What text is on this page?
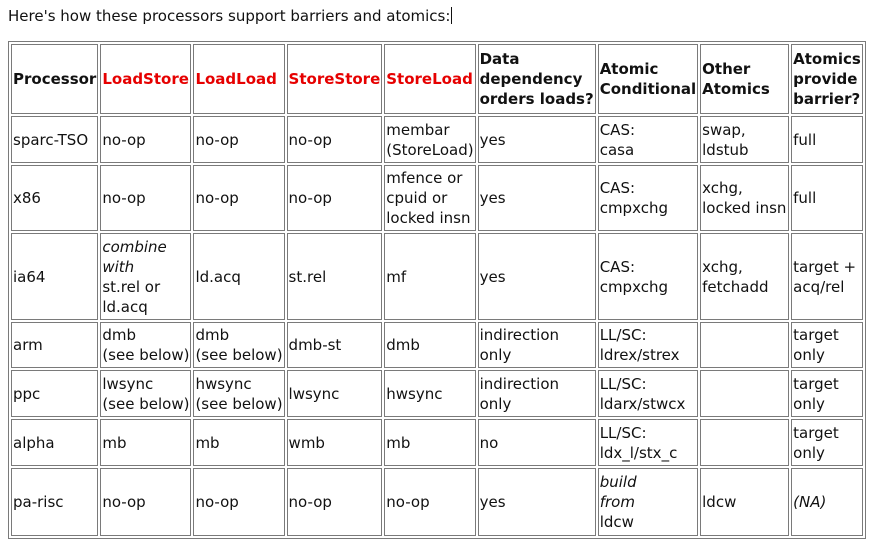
Here's how these processors support barriers and atomics:
Processor	LoadStore	LoadLoad	StoreStore	StoreLoad	Data
dependency
orders loads?	Atomic
Conditional	Other
Atomics	Atomics
provide
barrier?

sparc-TSO	no-op	no-op	no-op	membar
(StoreLoad)	yes	CAS:
casa	swap,
ldstub	full

x86	no-op	no-op	no-op	mfence or
cpuid or
locked insn	yes	CAS:
cmpxchg	xchg,
locked insn	full

ia64	combine
with
st.rel or
ld.acq	ld.acq	st.rel	mf	yes	CAS:
cmpxchg	xchg,
fetchadd	target +
acq/rel

arm	dmb
(see below)	dmb
(see below)	dmb-st	dmb	indirection
only	LL/SC:
ldrex/strex		target
only

ppc	lwsync
(see below)	hwsync
(see below)	lwsync	hwsync	indirection
only	LL/SC:
ldarx/stwcx		target
only

alpha	mb	mb	wmb	mb	no	LL/SC:
ldx_l/stx_c		target
only

pa-risc	no-op	no-op	no-op	no-op	yes	build
from
ldcw	ldcw	(NA)
